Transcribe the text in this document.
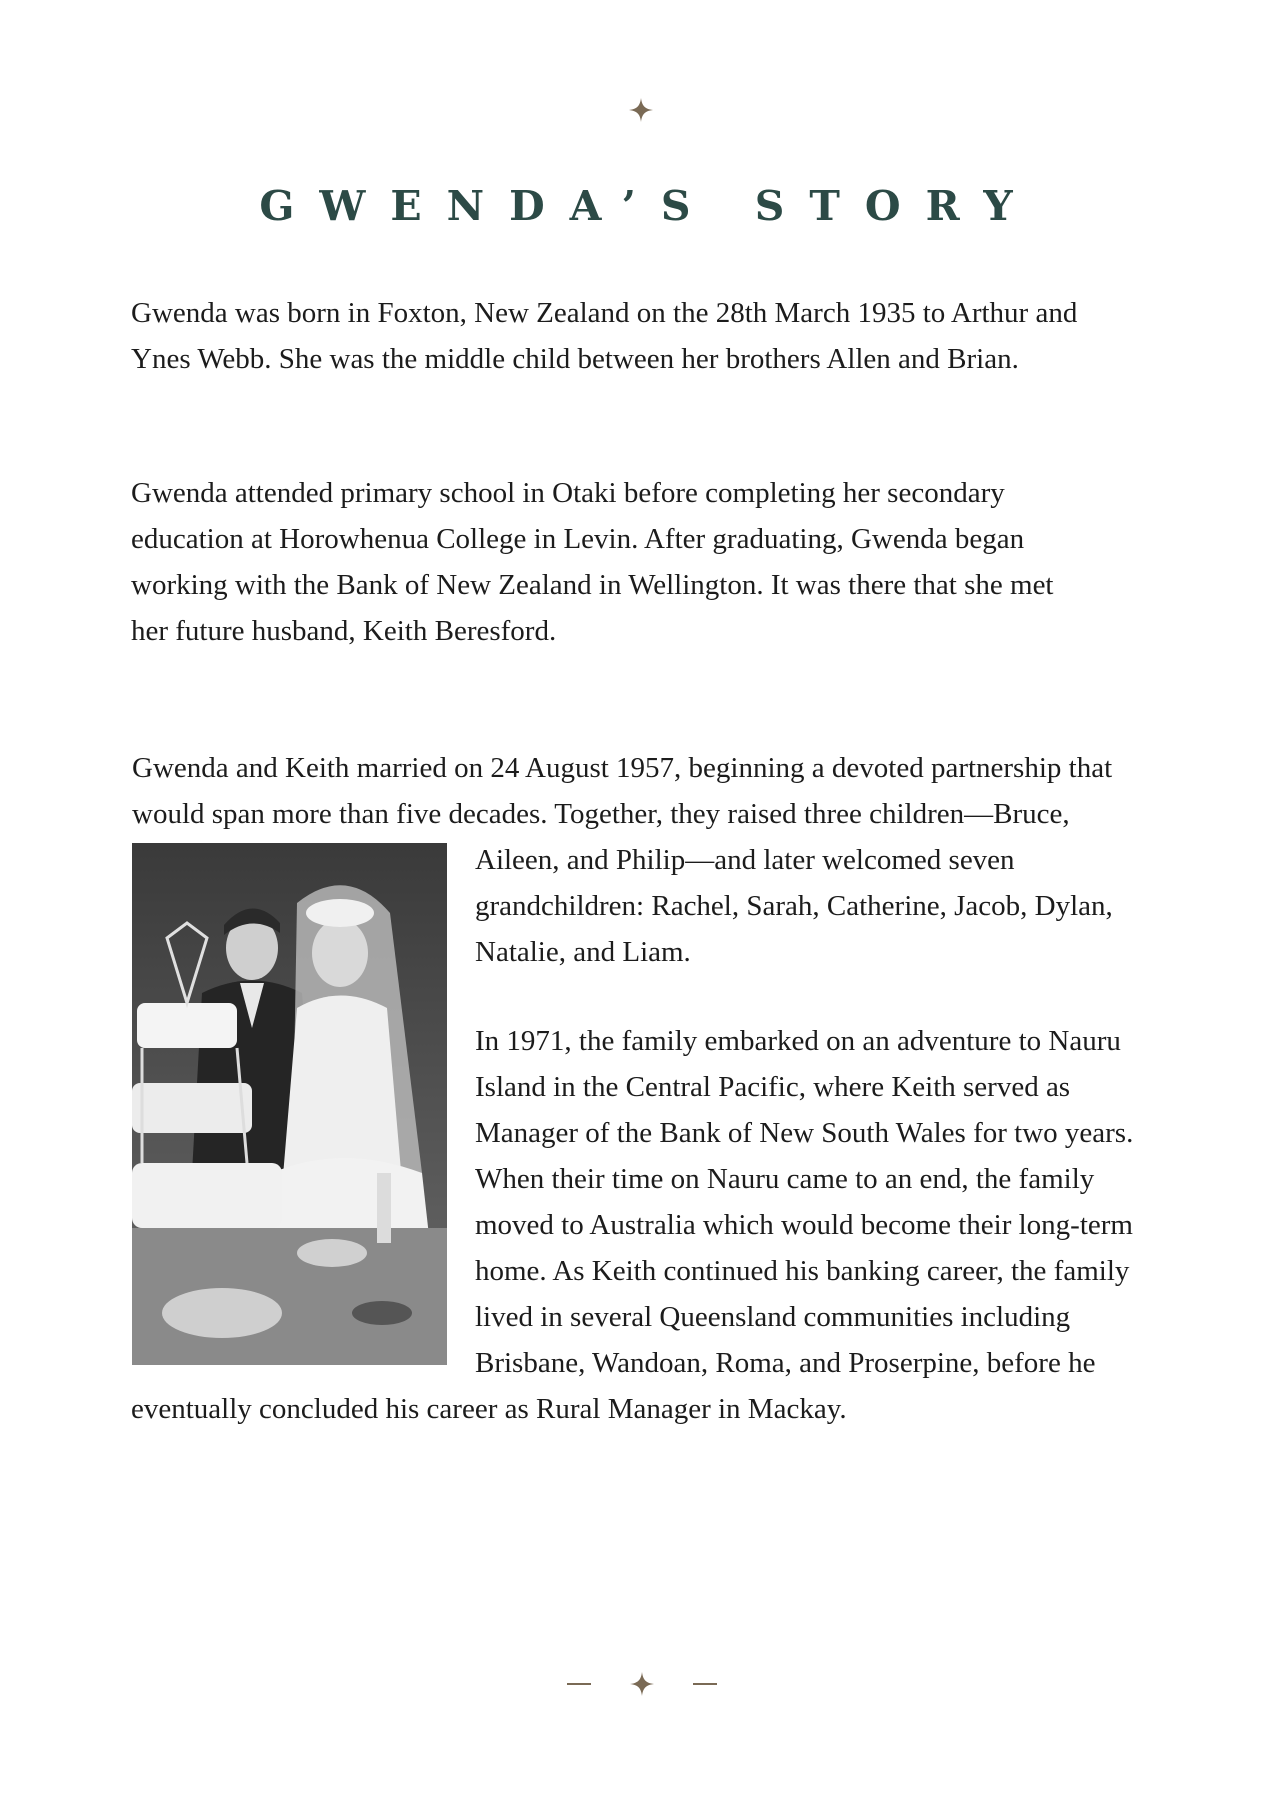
GWENDA’S STORY

Gwenda was born in Foxton, New Zealand on the 28th March 1935 to Arthur and Ynes Webb. She was the middle child between her brothers Allen and Brian.

Gwenda attended primary school in Otaki before completing her secondary education at Horowhenua College in Levin. After graduating, Gwenda began working with the Bank of New Zealand in Wellington. It was there that she met her future husband, Keith Beresford.

Gwenda and Keith married on 24 August 1957, beginning a devoted partnership that would span more than five decades. Together, they raised three children—Bruce, Aileen, and Philip—and later welcomed seven grandchildren: Rachel, Sarah, Catherine, Jacob, Dylan, Natalie, and Liam.

In 1971, the family embarked on an adventure to Nauru Island in the Central Pacific, where Keith served as Manager of the Bank of New South Wales for two years. When their time on Nauru came to an end, the family moved to Australia which would become their long-term home. As Keith continued his banking career, the family lived in several Queensland communities including Brisbane, Wandoan, Roma, and Proserpine, before he eventually concluded his career as Rural Manager in Mackay.
